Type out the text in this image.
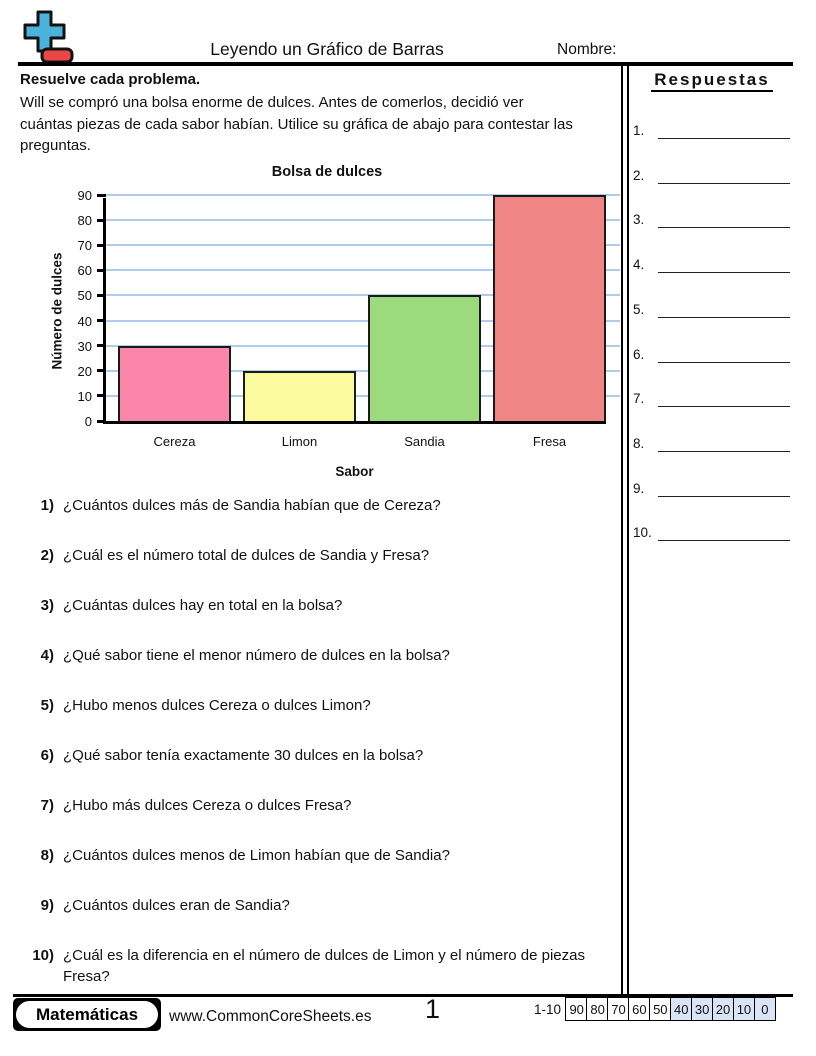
Leyendo un Gráfico de Barras	Nombre:
Resuelve cada problema.
Will se compró una bolsa enorme de dulces. Antes de comerlos, decidió ver
cuántas piezas de cada sabor habían. Utilice su gráfica de abajo para contestar las
preguntas.
Bolsa de dulces
Número de dulces
0
10
20
30
40
50
60
70
80
90
Cereza	Limon	Sandia	Fresa
Sabor
1) ¿Cuántos dulces más de Sandia habían que de Cereza?
2) ¿Cuál es el número total de dulces de Sandia y Fresa?
3) ¿Cuántas dulces hay en total en la bolsa?
4) ¿Qué sabor tiene el menor número de dulces en la bolsa?
5) ¿Hubo menos dulces Cereza o dulces Limon?
6) ¿Qué sabor tenía exactamente 30 dulces en la bolsa?
7) ¿Hubo más dulces Cereza o dulces Fresa?
8) ¿Cuántos dulces menos de Limon habían que de Sandia?
9) ¿Cuántos dulces eran de Sandia?
10) ¿Cuál es la diferencia en el número de dulces de Limon y el número de piezas
Fresa?
Respuestas
1.
2.
3.
4.
5.
6.
7.
8.
9.
10.
Matemáticas	www.CommonCoreSheets.es 1	1-10 90 80 70 60 50 40 30 20 10 0
